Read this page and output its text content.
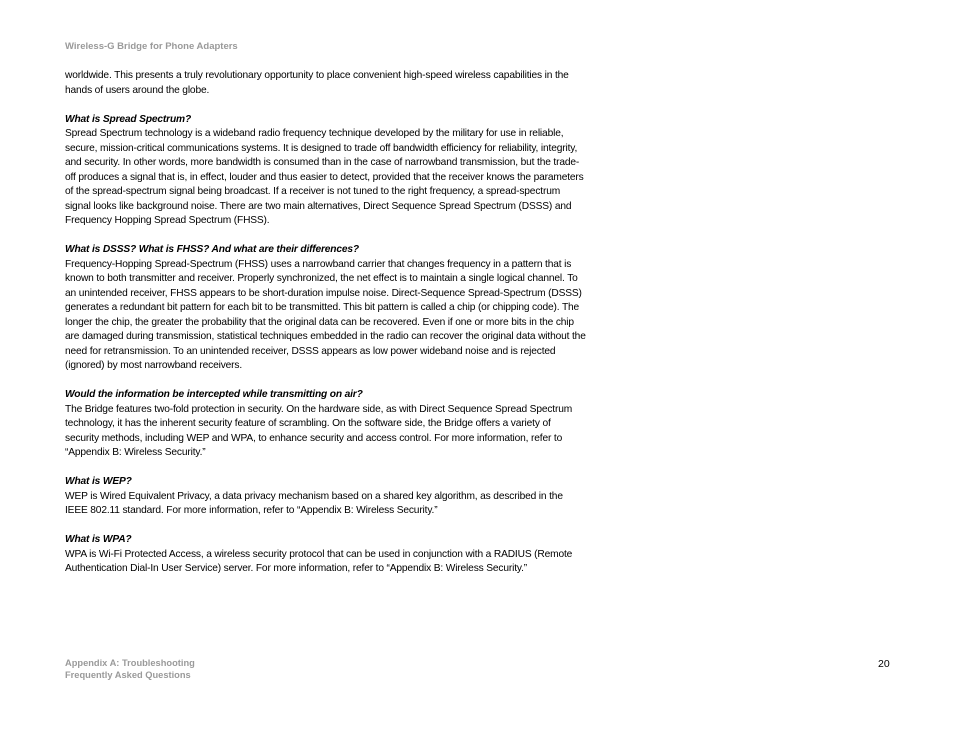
Wireless-G Bridge for Phone Adapters

worldwide. This presents a truly revolutionary opportunity to place convenient high-speed wireless capabilities in the hands of users around the globe.

What is Spread Spectrum?

Spread Spectrum technology is a wideband radio frequency technique developed by the military for use in reliable, secure, mission-critical communications systems. It is designed to trade off bandwidth efficiency for reliability, integrity, and security. In other words, more bandwidth is consumed than in the case of narrowband transmission, but the trade-off produces a signal that is, in effect, louder and thus easier to detect, provided that the receiver knows the parameters of the spread-spectrum signal being broadcast. If a receiver is not tuned to the right frequency, a spread-spectrum signal looks like background noise. There are two main alternatives, Direct Sequence Spread Spectrum (DSSS) and Frequency Hopping Spread Spectrum (FHSS).

What is DSSS? What is FHSS? And what are their differences?

Frequency-Hopping Spread-Spectrum (FHSS) uses a narrowband carrier that changes frequency in a pattern that is known to both transmitter and receiver. Properly synchronized, the net effect is to maintain a single logical channel. To an unintended receiver, FHSS appears to be short-duration impulse noise. Direct-Sequence Spread-Spectrum (DSSS) generates a redundant bit pattern for each bit to be transmitted. This bit pattern is called a chip (or chipping code). The longer the chip, the greater the probability that the original data can be recovered. Even if one or more bits in the chip are damaged during transmission, statistical techniques embedded in the radio can recover the original data without the need for retransmission. To an unintended receiver, DSSS appears as low power wideband noise and is rejected (ignored) by most narrowband receivers.

Would the information be intercepted while transmitting on air?

The Bridge features two-fold protection in security. On the hardware side, as with Direct Sequence Spread Spectrum technology, it has the inherent security feature of scrambling. On the software side, the Bridge offers a variety of security methods, including WEP and WPA, to enhance security and access control. For more information, refer to “Appendix B: Wireless Security.”

What is WEP?

WEP is Wired Equivalent Privacy, a data privacy mechanism based on a shared key algorithm, as described in the IEEE 802.11 standard. For more information, refer to “Appendix B: Wireless Security.”

What is WPA?

WPA is Wi-Fi Protected Access, a wireless security protocol that can be used in conjunction with a RADIUS (Remote Authentication Dial-In User Service) server. For more information, refer to “Appendix B: Wireless Security.”

Appendix A: Troubleshooting
Frequently Asked Questions
20
